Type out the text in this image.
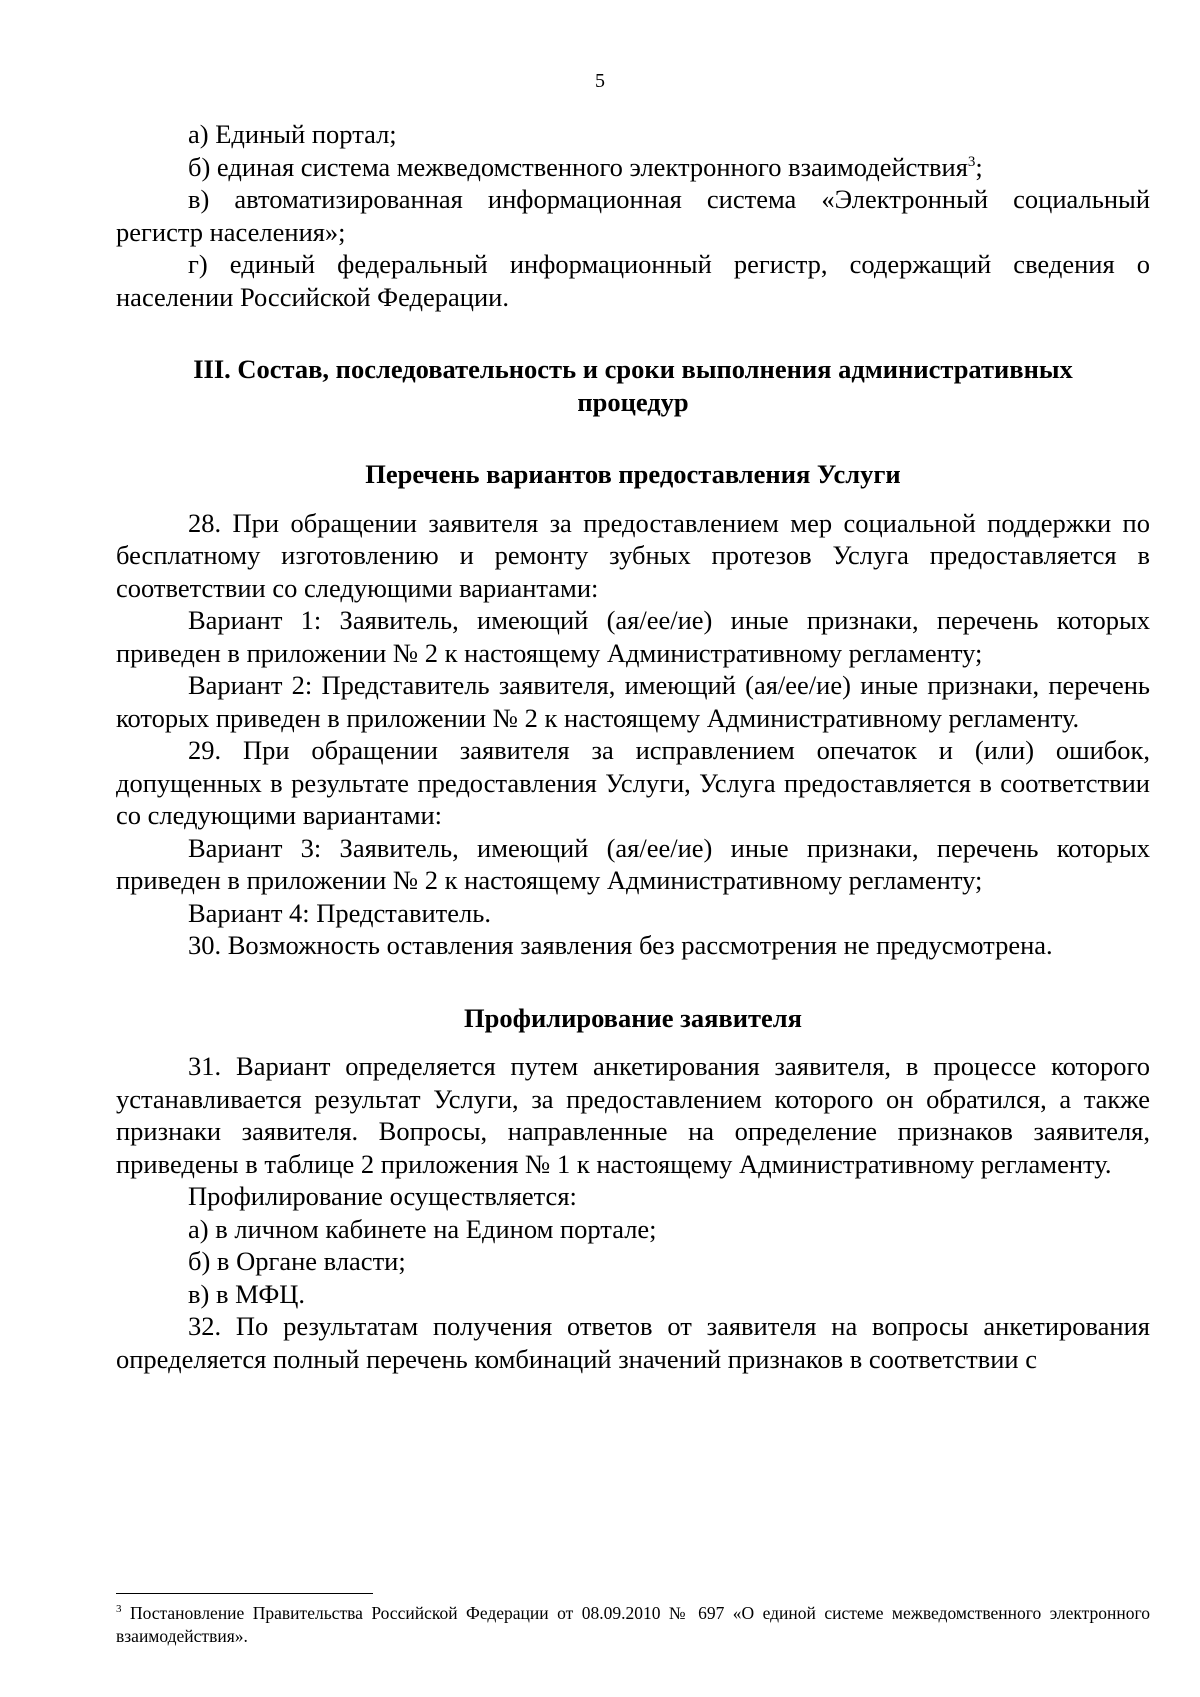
5

а) Единый портал;

б) единая система межведомственного электронного взаимодействия$^3$;

в) автоматизированная информационная система «Электронный социальный регистр населения»;

г) единый федеральный информационный регистр, содержащий сведения о населении Российской Федерации.

III. Состав, последовательность и сроки выполнения административных процедур

Перечень вариантов предоставления Услуги

28. При обращении заявителя за предоставлением мер социальной поддержки по бесплатному изготовлению и ремонту зубных протезов Услуга предоставляется в соответствии со следующими вариантами:

Вариант 1: Заявитель, имеющий (ая/ее/ие) иные признаки, перечень которых приведен в приложении № 2 к настоящему Административному регламенту;

Вариант 2: Представитель заявителя, имеющий (ая/ее/ие) иные признаки, перечень которых приведен в приложении № 2 к настоящему Административному регламенту.

29. При обращении заявителя за исправлением опечаток и (или) ошибок, допущенных в результате предоставления Услуги, Услуга предоставляется в соответствии со следующими вариантами:

Вариант 3: Заявитель, имеющий (ая/ее/ие) иные признаки, перечень которых приведен в приложении № 2 к настоящему Административному регламенту;

Вариант 4: Представитель.

30. Возможность оставления заявления без рассмотрения не предусмотрена.

Профилирование заявителя

31. Вариант определяется путем анкетирования заявителя, в процессе которого устанавливается результат Услуги, за предоставлением которого он обратился, а также признаки заявителя. Вопросы, направленные на определение признаков заявителя, приведены в таблице 2 приложения № 1 к настоящему Административному регламенту.

Профилирование осуществляется:

а) в личном кабинете на Едином портале;

б) в Органе власти;

в) в МФЦ.

32. По результатам получения ответов от заявителя на вопросы анкетирования определяется полный перечень комбинаций значений признаков в соответствии с

$^3$ Постановление Правительства Российской Федерации от 08.09.2010 № 697 «О единой системе межведомственного электронного взаимодействия».
